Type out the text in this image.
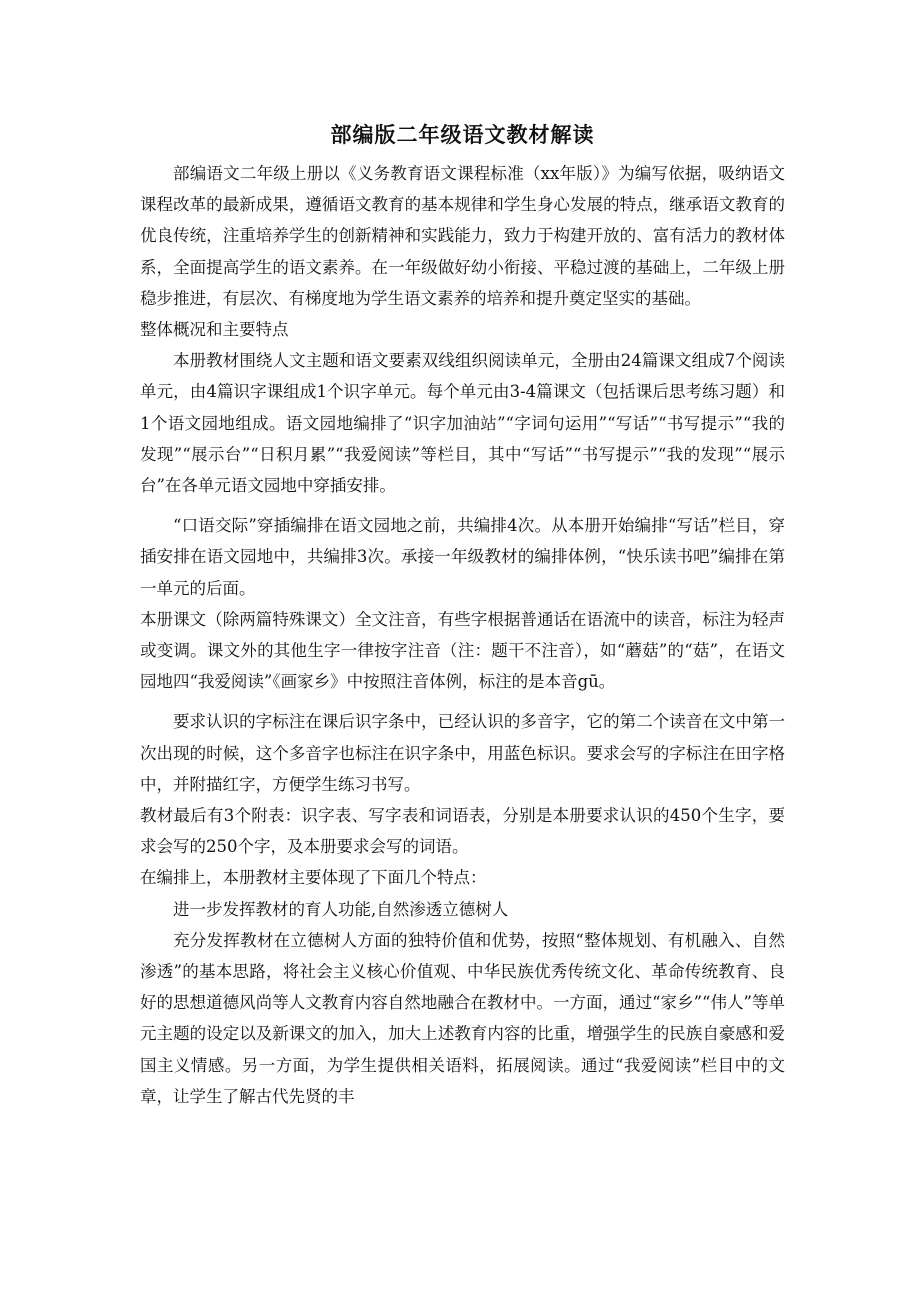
部编版二年级语文教材解读

部编语文二年级上册以《义务教育语文课程标准（xx年版）》为编写依据，吸纳语文课程改革的最新成果，遵循语文教育的基本规律和学生身心发展的特点，继承语文教育的优良传统，注重培养学生的创新精神和实践能力，致力于构建开放的、富有活力的教材体系，全面提高学生的语文素养。在一年级做好幼小衔接、平稳过渡的基础上，二年级上册稳步推进，有层次、有梯度地为学生语文素养的培养和提升奠定坚实的基础。

整体概况和主要特点

本册教材围绕人文主题和语文要素双线组织阅读单元，全册由24篇课文组成7个阅读单元，由4篇识字课组成1个识字单元。每个单元由3-4篇课文（包括课后思考练习题）和1个语文园地组成。语文园地编排了“识字加油站”“字词句运用”“写话”“书写提示”“我的发现”“展示台”“日积月累”“我爱阅读”等栏目，其中“写话”“书写提示”“我的发现”“展示台”在各单元语文园地中穿插安排。

“口语交际”穿插编排在语文园地之前，共编排4次。从本册开始编排“写话”栏目，穿插安排在语文园地中，共编排3次。承接一年级教材的编排体例，“快乐读书吧”编排在第一单元的后面。

本册课文（除两篇特殊课文）全文注音，有些字根据普通话在语流中的读音，标注为轻声或变调。课文外的其他生字一律按字注音（注：题干不注音），如“蘑菇”的“菇”，在语文园地四“我爱阅读”《画家乡》中按照注音体例，标注的是本音gū。

要求认识的字标注在课后识字条中，已经认识的多音字，它的第二个读音在文中第一次出现的时候，这个多音字也标注在识字条中，用蓝色标识。要求会写的字标注在田字格中，并附描红字，方便学生练习书写。

教材最后有3个附表：识字表、写字表和词语表，分别是本册要求认识的450个生字，要求会写的250个字，及本册要求会写的词语。

在编排上，本册教材主要体现了下面几个特点：

进一步发挥教材的育人功能,自然渗透立德树人

充分发挥教材在立德树人方面的独特价值和优势，按照“整体规划、有机融入、自然渗透”的基本思路，将社会主义核心价值观、中华民族优秀传统文化、革命传统教育、良好的思想道德风尚等人文教育内容自然地融合在教材中。一方面，通过“家乡”“伟人”等单元主题的设定以及新课文的加入，加大上述教育内容的比重，增强学生的民族自豪感和爱国主义情感。另一方面，为学生提供相关语料，拓展阅读。通过“我爱阅读”栏目中的文章，让学生了解古代先贤的丰
